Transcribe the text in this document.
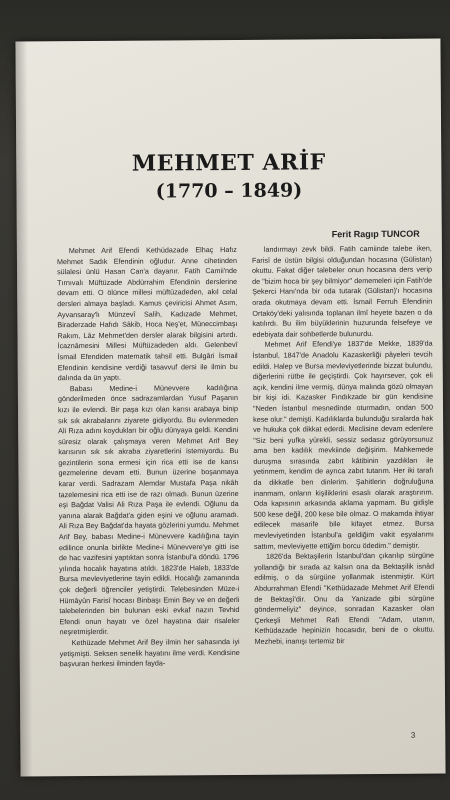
MEHMET ARİF
(1770 – 1849)
Ferit Ragıp TUNCOR

Mehmet Arif Efendi Kethüdazade Elhaç Hafız Mehmet Sadık Efendinin oğludur. Anne cihetinden sülalesi ünlü Hasan Can'a dayanır. Fatih Camii'nde Tırnıvalı Müftüzade Abdürrahim Efendinin derslerine devam etti. O ölünce millesi müftüzadeden, akıl celal dersleri almaya başladı. Kamus çeviricisi Ahmet Asım, Ayvansaray'lı Münzevî Salih, Kadızade Mehmet, Biraderzade Hafıdı Sâkib, Hoca Neş'et, Müneccimbaşı Rakım, Lâz Mehmet'den dersler alarak bilgisini artırdı. İcaznâmesini Millesi Müftüzadeden aldı. Gelenbevî İsmail Efendiden matematik tahsil etti. Bulgâri İsmail Efendinin kendisine verdiği tasavvuf dersi ile ilmin bu dalında da ün yaptı.

Babası Medine-i Münevvere kadılığına gönderilmeden önce sadrazamlardan Yusuf Paşanın kızı ile evlendi. Bir paşa kızı olan karısı arabaya binip sık sık akrabalarını ziyarete gidiyordu. Bu evlenmeden Ali Rıza adını koydukları bir oğlu dünyaya geldi. Kendini süresiz olarak çalışmaya veren Mehmet Arif Bey karısının sık sık akraba ziyaretlerini istemiyordu. Bu gezintilerin sona ermesi için rica etti ise de karısı gezmelerine devam etti. Bunun üzerine boşanmaya karar verdi. Sadrazam Alemdar Mustafa Paşa nikâh tazelemesini rica etti ise de razı olmadı. Bunun üzerine eşi Bağdat Valisi Ali Rıza Paşa ile evlendi. Oğlunu da yanına alarak Bağdat'a giden eşini ve oğlunu aramadı. Ali Rıza Bey Bağdat'da hayata gözlerini yumdu. Mehmet Arif Bey, babası Medine-i Münevvere kadılığına tayin edilince onunla birlikte Medine-i Münevvere'ye gitti ise de hac vazifesini yaptıktan sonra İstanbul'a döndü. 1796 yılında hocalık hayatına atıldı. 1823'de Haleb, 1833'de Bursa mevleviyetlerine tayin edildi. Hocalığı zamanında çok değerli öğrenciler yetiştirdi. Telebesinden Müze-i Hümâyûn Farisî hocası Binbaşı Emin Bey ve en değerli talebelerinden bin bulunan eski evkaf nazırı Tevhid Efendi onun hayatı ve özel hayatına dair risaleler neşretmişlerdir.

Kethüzade Mehmet Arif Bey ilmin her sahasında iyi yetişmişti. Seksen senelik hayatını ilme verdi. Kendisine başvuran herkesi ilminden fayda-

landırmayı zevk bildi. Fatih camiinde talebe iken, Farisî de üstün bilgisi olduğundan hocasına (Gülistan) okuttu. Fakat diğer talebeler onun hocasına ders verip de "bizim hoca bir şey bilmiyor" dememeleri için Fatih'de Şekerci Hanı'nda bir oda tutarak (Gülistan)'ı hocasına orada okutmaya devam etti. İsmail Ferruh Efendinin Ortaköy'deki yalısında toplanan ilmî heyete bazen o da katılırdı. Bu ilim büyüklerinin huzurunda felsefeye ve edebiyata dair sohbetlerde bulunurdu.

Mehmet Arif Efendi'ye 1837'de Mekke, 1839'da İstanbul, 1847'de Anadolu Kazaskerliği pâyeleri tevcih edildi. Halep ve Bursa mevleviyetlerinde bizzat bulundu, diğerlerini rütbe ile geçiştirdi. Çok hayırsever, çok eli açık, kendini ilme vermiş, dünya malında gözü olmayan bir kişi idi. Kazasker Fındıkzade bir gün kendisine "Neden İstanbul mesnedinde oturmadın, ondan 500 kese olur." demişti. Kadılıklarda bulunduğu sıralarda hak ve hukuka çok dikkat ederdi. Meclisine devam edenlere "Siz beni yufka yürekli, sessiz sedasız görüyorsunuz ama ben kadılık mevkiinde değişirim. Mahkemede duruşma sırasında zabıt kâtibinin yazdıkları ile yetinmem, kendim de ayrıca zabıt tutarım. Her iki tarafı da dikkatle ben dinlerim. Şahitlerin doğruluğuna inanmam, onların kişiliklerini esaslı olarak araştırırım. Oda kapısının arkasında aklama yapmam. Bu gidişle 500 kese değil, 200 kese bile olmaz. O makamda ihtiyar edilecek masarife bile kifayet etmez. Bursa mevleviyetinden İstanbul'a geldiğim vakit eşyalarımı sattım, mevleviyette ettiğim borcu ödedim." demiştir.

1826'da Bektaşilerin İstanbul'dan çıkarılıp sürgüne yollandığı bir sırada az kalsın ona da Bektaşilik isnâd edilmiş, o da sürgüne yollanmak istenmiştir. Kürt Abdurrahman Efendi "Kethüdazade Mehmet Arif Efendi de Bektaşî'dir. Onu da Yanizade gibi sürgüne göndermeliyiz" deyince, sonradan Kazasker olan Çerkeşli Mehmet Rafi Efendi "Adam, utanın, Kethüdazade hepinizin hocasıdır, beni de o okuttu. Mezhebi, inanışı tertemiz bir

3
